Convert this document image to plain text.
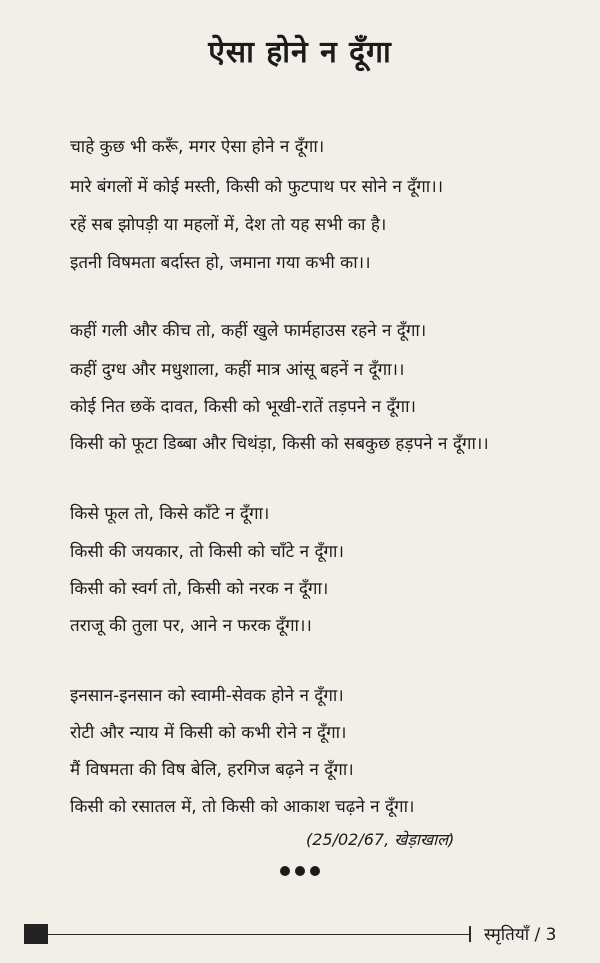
ऐसा होने न दूँगा
चाहे कुछ भी करूँ, मगर ऐसा होने न दूँगा।
मारे बंगलों में कोई मस्ती, किसी को फुटपाथ पर सोने न दूँगा।।
रहें सब झोपड़ी या महलों में, देश तो यह सभी का है।
इतनी विषमता बर्दास्त हो, जमाना गया कभी का।।
कहीं गली और कीच तो, कहीं खुले फार्महाउस रहने न दूँगा।
कहीं दुग्ध और मधुशाला, कहीं मात्र आंसू बहनें न दूँगा।।
कोई नित छकें दावत, किसी को भूखी-रातें तड़पने न दूँगा।
किसी को फूटा डिब्बा और चिथंड़ा, किसी को सबकुछ हड़पने न दूँगा।।
किसे फूल तो, किसे काँटे न दूँगा।
किसी की जयकार, तो किसी को चाँटे न दूँगा।
किसी को स्वर्ग तो, किसी को नरक न दूँगा।
तराजू की तुला पर, आने न फरक दूँगा।।
इनसान-इनसान को स्वामी-सेवक होने न दूँगा।
रोटी और न्याय में किसी को कभी रोने न दूँगा।
मैं विषमता की विष बेलि, हरगिज बढ़ने न दूँगा।
किसी को रसातल में, तो किसी को आकाश चढ़ने न दूँगा।
(25/02/67, खेड़ाखाल)
स्मृतियाँ / 3
